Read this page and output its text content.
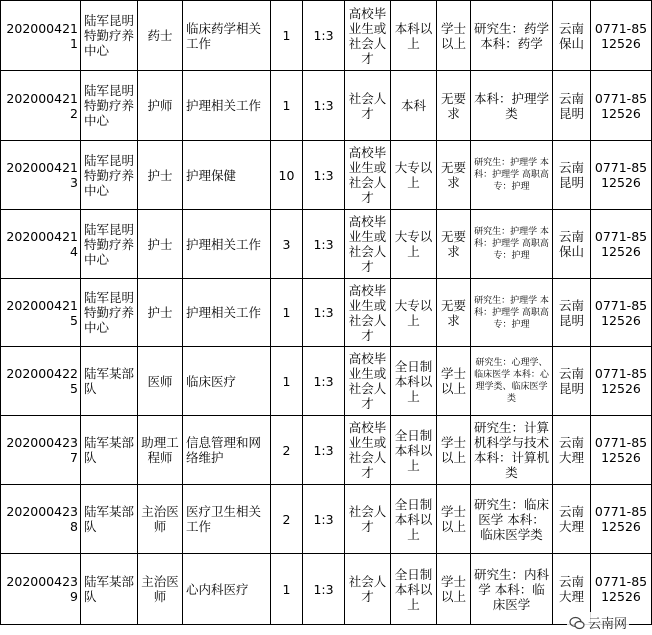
2020004211	陆军昆明特勤疗养中心	药士	临床药学相关工作	1	1:3	高校毕业生或社会人才	本科以上	学士以上	研究生：药学 本科：药学	云南保山	0771-8512526
2020004212	陆军昆明特勤疗养中心	护师	护理相关工作	1	1:3	社会人才	本科	无要求	本科：护理学类	云南昆明	0771-8512526
2020004213	陆军昆明特勤疗养中心	护士	护理保健	10	1:3	高校毕业生或社会人才	大专以上	无要求	研究生：护理学 本科：护理学 高职高专：护理	云南昆明	0771-8512526
2020004214	陆军昆明特勤疗养中心	护士	护理相关工作	3	1:3	高校毕业生或社会人才	大专以上	无要求	研究生：护理学 本科：护理学 高职高专：护理	云南保山	0771-8512526
2020004215	陆军昆明特勤疗养中心	护士	护理相关工作	1	1:3	高校毕业生或社会人才	大专以上	无要求	研究生：护理学 本科：护理学 高职高专：护理	云南昆明	0771-8512526
2020004225	陆军某部队	医师	临床医疗	1	1:3	高校毕业生或社会人才	全日制本科以上	学士以上	研究生：心理学、临床医学 本科：心理学类、临床医学类	云南昆明	0771-8512526
2020004237	陆军某部队	助理工程师	信息管理和网络维护	2	1:3	高校毕业生或社会人才	全日制本科以上	学士以上	研究生：计算机科学与技术 本科：计算机类	云南大理	0771-8512526
2020004238	陆军某部队	主治医师	医疗卫生相关工作	2	1:3	社会人才	全日制本科以上	学士以上	研究生：临床医学 本科：临床医学类	云南大理	0771-8512526
2020004239	陆军某部队	主治医师	心内科医疗	1	1:3	社会人才	全日制本科以上	学士以上	研究生：内科学 本科：临床医学	云南大理	0771-8512526
云南网
